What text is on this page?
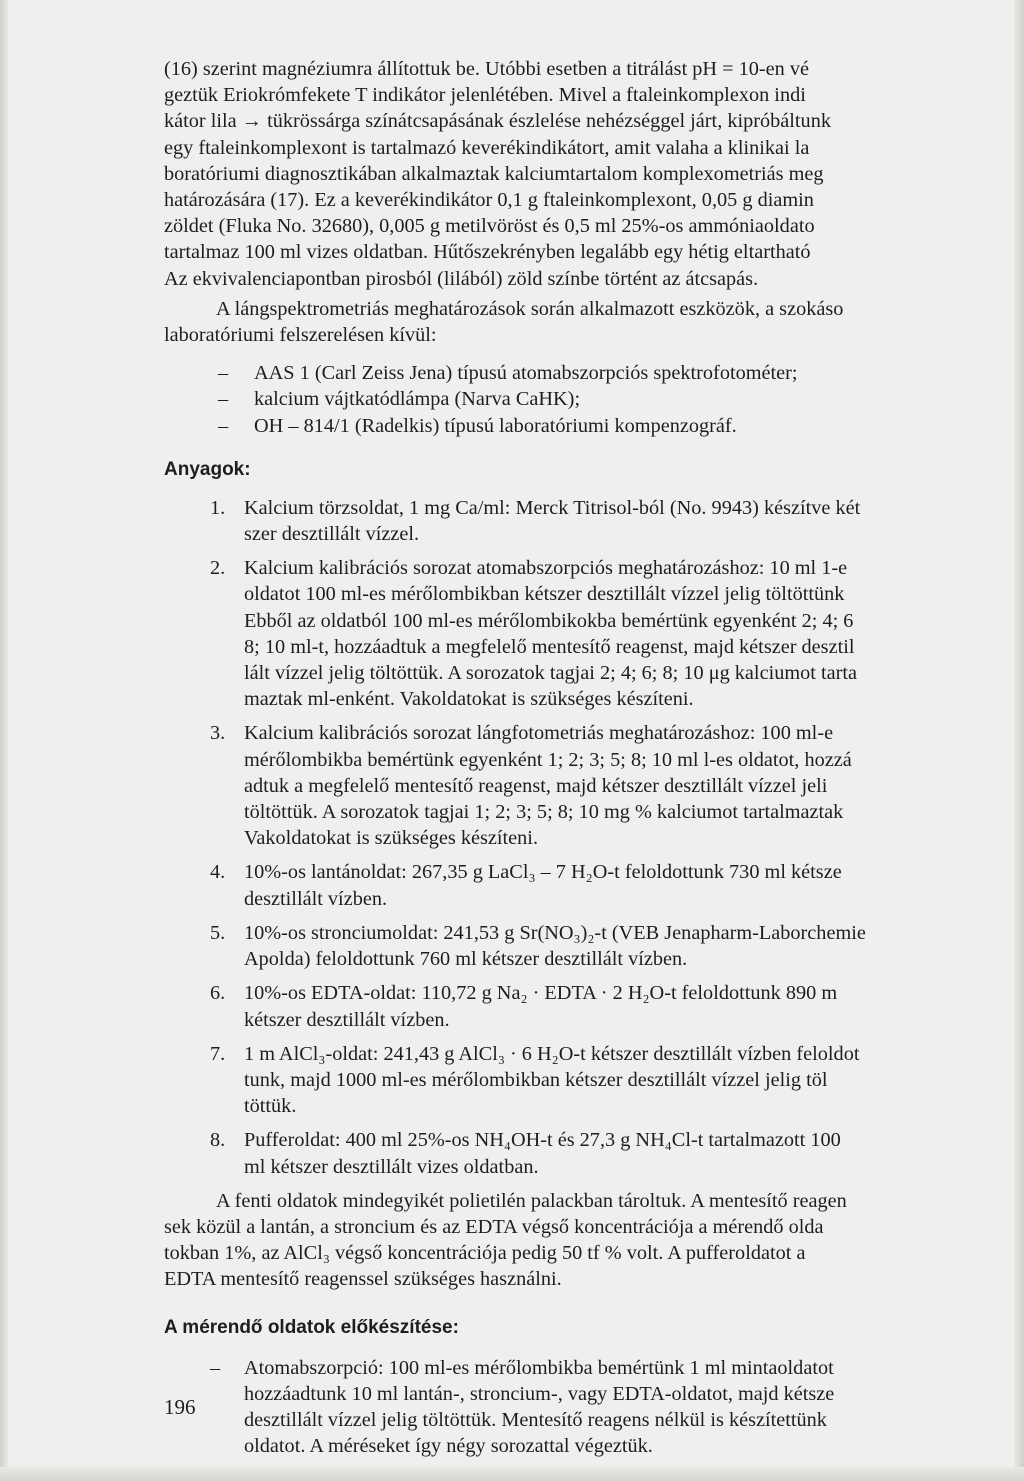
(16) szerint magnéziumra állítottuk be. Utóbbi esetben a titrálást pH = 10-en vé
geztük Eriokrómfekete T indikátor jelenlétében. Mivel a ftaleinkomplexon indi
kátor lila → tükrössárga színátcsapásának észlelése nehézséggel járt, kipróbáltunk
egy ftaleinkomplexont is tartalmazó keverékindikátort, amit valaha a klinikai la
boratóriumi diagnosztikában alkalmaztak kalciumtartalom komplexometriás meg
határozására (17). Ez a keverékindikátor 0,1 g ftaleinkomplexont, 0,05 g diamin
zöldet (Fluka No. 32680), 0,005 g metilvöröst és 0,5 ml 25%-os ammóniaoldato
tartalmaz 100 ml vizes oldatban. Hűtőszekrényben legalább egy hétig eltartható
Az ekvivalenciapontban pirosból (lilából) zöld színbe történt az átcsapás.
A lángspektrometriás meghatározások során alkalmazott eszközök, a szokáso
laboratóriumi felszerelésen kívül:
– AAS 1 (Carl Zeiss Jena) típusú atomabszorpciós spektrofotométer;
– kalcium vájtkatódlámpa (Narva CaHK);
– OH – 814/1 (Radelkis) típusú laboratóriumi kompenzográf.

Anyagok:

1. Kalcium törzsoldat, 1 mg Ca/ml: Merck Titrisol-ból (No. 9943) készítve két
szer desztillált vízzel.
2. Kalcium kalibrációs sorozat atomabszorpciós meghatározáshoz: 10 ml 1-e
oldatot 100 ml-es mérőlombikban kétszer desztillált vízzel jelig töltöttünk
Ebből az oldatból 100 ml-es mérőlombikokba bemértünk egyenként 2; 4; 6
8; 10 ml-t, hozzáadtuk a megfelelő mentesítő reagenst, majd kétszer desztil
lált vízzel jelig töltöttük. A sorozatok tagjai 2; 4; 6; 8; 10 μg kalciumot tarta
maztak ml-enként. Vakoldatokat is szükséges készíteni.
3. Kalcium kalibrációs sorozat lángfotometriás meghatározáshoz: 100 ml-e
mérőlombikba bemértünk egyenként 1; 2; 3; 5; 8; 10 ml l-es oldatot, hozzá
adtuk a megfelelő mentesítő reagenst, majd kétszer desztillált vízzel jeli
töltöttük. A sorozatok tagjai 1; 2; 3; 5; 8; 10 mg % kalciumot tartalmaztak
Vakoldatokat is szükséges készíteni.
4. 10%-os lantánoldat: 267,35 g LaCl₃ – 7 H₂O-t feloldottunk 730 ml kétsze
desztillált vízben.
5. 10%-os stronciumoldat: 241,53 g Sr(NO₃)₂-t (VEB Jenapharm-Laborchemie
Apolda) feloldottunk 760 ml kétszer desztillált vízben.
6. 10%-os EDTA-oldat: 110,72 g Na₂ · EDTA · 2 H₂O-t feloldottunk 890 m
kétszer desztillált vízben.
7. 1 m AlCl₃-oldat: 241,43 g AlCl₃ · 6 H₂O-t kétszer desztillált vízben feloldot
tunk, majd 1000 ml-es mérőlombikban kétszer desztillált vízzel jelig töl
töttük.
8. Pufferoldat: 400 ml 25%-os NH₄OH-t és 27,3 g NH₄Cl-t tartalmazott 100
ml kétszer desztillált vizes oldatban.
A fenti oldatok mindegyikét polietilén palackban tároltuk. A mentesítő reagen
sek közül a lantán, a stroncium és az EDTA végső koncentrációja a mérendő olda
tokban 1%, az AlCl₃ végső koncentrációja pedig 50 tf % volt. A pufferoldatot a
EDTA mentesítő reagenssel szükséges használni.

A mérendő oldatok előkészítése:

– Atomabszorpció: 100 ml-es mérőlombikba bemértünk 1 ml mintaoldatot
hozzáadtunk 10 ml lantán-, stroncium-, vagy EDTA-oldatot, majd kétsze
desztillált vízzel jelig töltöttük. Mentesítő reagens nélkül is készítettünk
oldatot. A méréseket így négy sorozattal végeztük.
196
